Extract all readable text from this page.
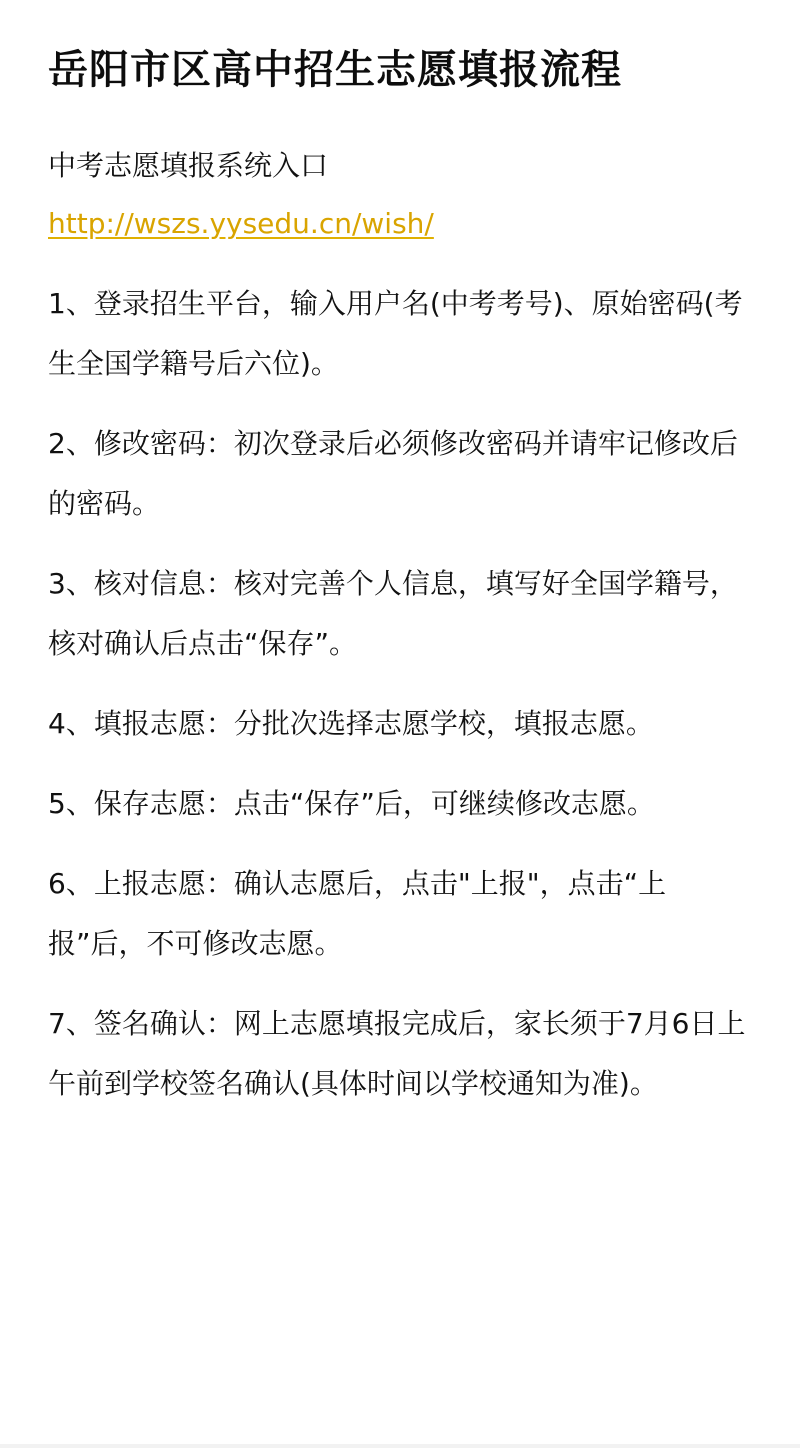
岳阳市区高中招生志愿填报流程

中考志愿填报系统入口

http://wszs.yysedu.cn/wish/
1、登录招生平台，输入用户名(中考考号)、原始密码(考生全国学籍号后六位)。
2、修改密码：初次登录后必须修改密码并请牢记修改后的密码。
3、核对信息：核对完善个人信息，填写好全国学籍号，核对确认后点击“保存”。
4、填报志愿：分批次选择志愿学校，填报志愿。
5、保存志愿：点击“保存”后，可继续修改志愿。
6、上报志愿：确认志愿后，点击"上报"，点击“上报”后，不可修改志愿。
7、签名确认：网上志愿填报完成后，家长须于7月6日上午前到学校签名确认(具体时间以学校通知为准)。
